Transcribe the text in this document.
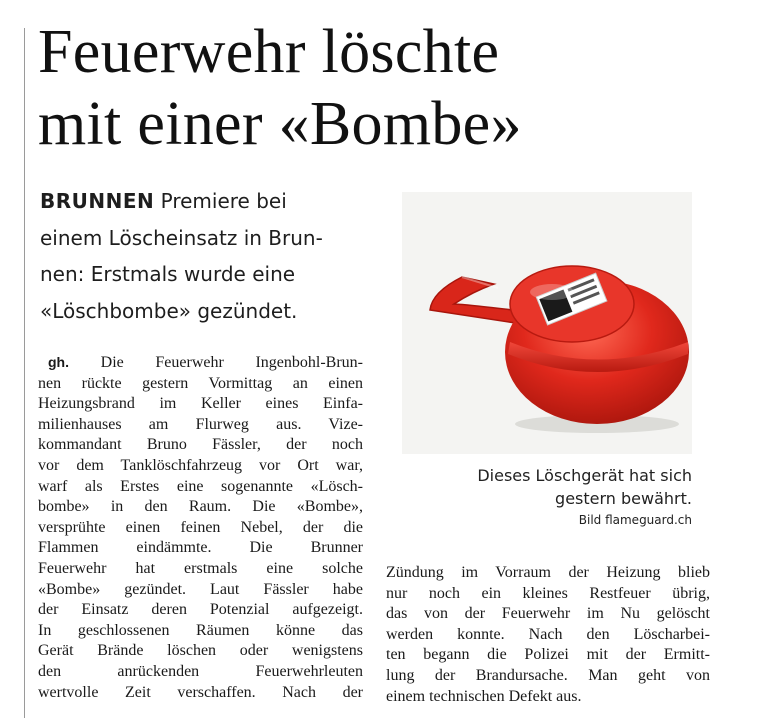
Feuerwehr löschte
mit einer «Bombe»
BRUNNEN Premiere bei
einem Löscheinsatz in Brun-
nen: Erstmals wurde eine
«Löschbombe» gezündet.
gh. Die Feuerwehr Ingenbohl-Brun-
nen rückte gestern Vormittag an einen
Heizungsbrand im Keller eines Einfa-
milienhauses am Flurweg aus. Vize-
kommandant Bruno Fässler, der noch
vor dem Tanklöschfahrzeug vor Ort war,
warf als Erstes eine sogenannte «Lösch-
bombe» in den Raum. Die «Bombe»,
versprühte einen feinen Nebel, der die
Flammen eindämmte. Die Brunner
Feuerwehr hat erstmals eine solche
«Bombe» gezündet. Laut Fässler habe
der Einsatz deren Potenzial aufgezeigt.
In geschlossenen Räumen könne das
Gerät Brände löschen oder wenigstens
den anrückenden Feuerwehrleuten
wertvolle Zeit verschaffen. Nach der
Dieses Löschgerät hat sich
gestern bewährt.
Bild flameguard.ch
Zündung im Vorraum der Heizung blieb
nur noch ein kleines Restfeuer übrig,
das von der Feuerwehr im Nu gelöscht
werden konnte. Nach den Löscharbei-
ten begann die Polizei mit der Ermitt-
lung der Brandursache. Man geht von
einem technischen Defekt aus.
